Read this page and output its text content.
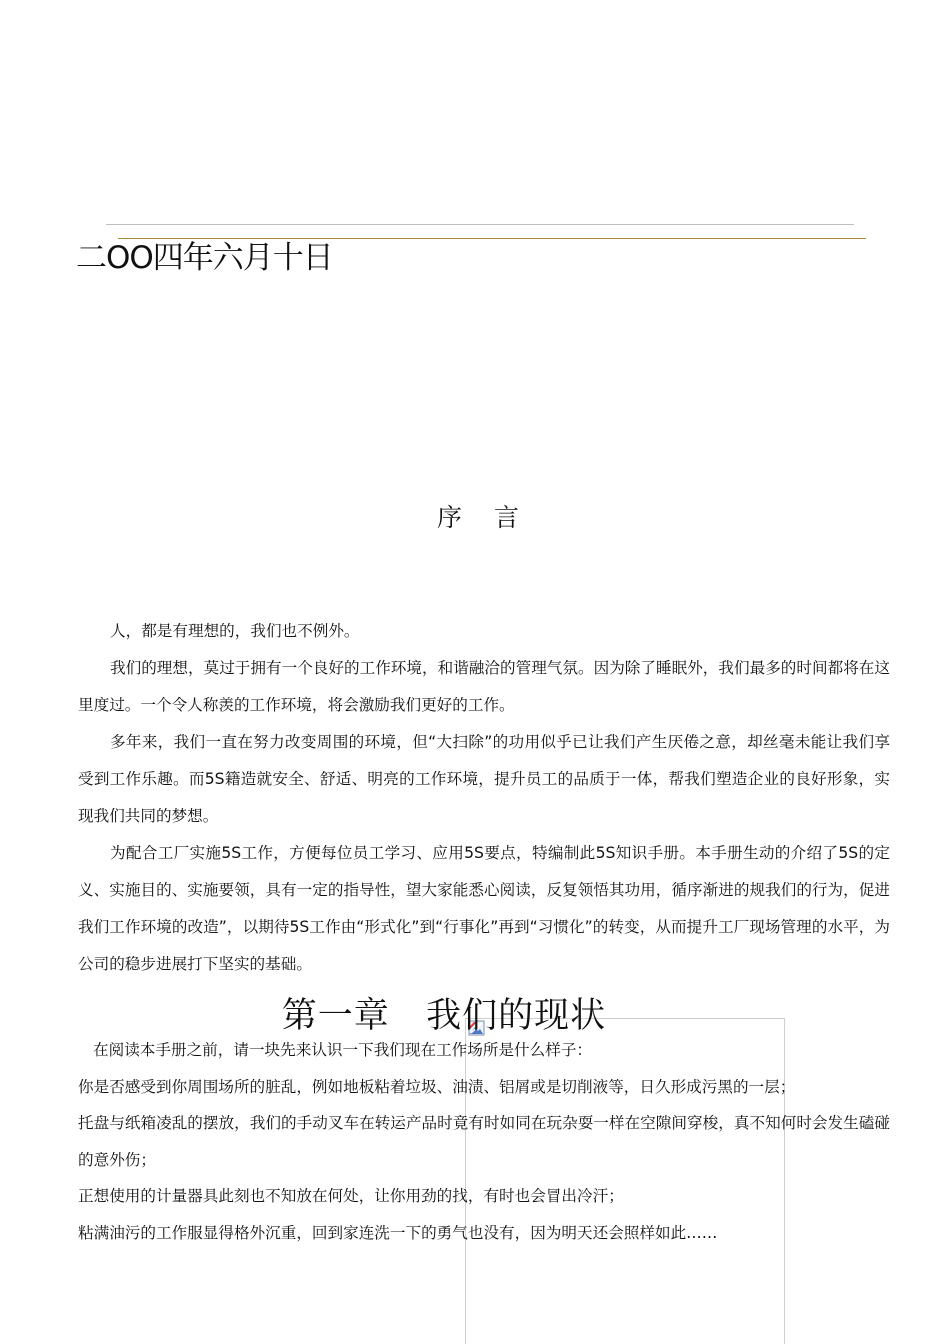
二OO四年六月十日
序 言

人，都是有理想的，我们也不例外。

我们的理想，莫过于拥有一个良好的工作环境，和谐融洽的管理气氛。因为除了睡眠外，我们最多的时间都将在这里度过。一个令人称羡的工作环境，将会激励我们更好的工作。

多年来，我们一直在努力改变周围的环境，但“大扫除”的功用似乎已让我们产生厌倦之意，却丝毫未能让我们享受到工作乐趣。而5S籍造就安全、舒适、明亮的工作环境，提升员工的品质于一体，帮我们塑造企业的良好形象，实现我们共同的梦想。

为配合工厂实施5S工作，方便每位员工学习、应用5S要点，特编制此5S知识手册。本手册生动的介绍了5S的定义、实施目的、实施要领，具有一定的指导性，望大家能悉心阅读，反复领悟其功用，循序渐进的规我们的行为，促进我们工作环境的改造”，以期待5S工作由“形式化”到“行事化”再到“习惯化”的转变，从而提升工厂现场管理的水平，为公司的稳步进展打下坚实的基础。

第一章   我们的现状

在阅读本手册之前，请一块先来认识一下我们现在工作场所是什么样子：

你是否感受到你周围场所的脏乱，例如地板粘着垃圾、油渍、铝屑或是切削液等，日久形成污黑的一层；

托盘与纸箱凌乱的摆放，我们的手动叉车在转运产品时竟有时如同在玩杂耍一样在空隙间穿梭，真不知何时会发生磕碰的意外伤；

正想使用的计量器具此刻也不知放在何处，让你用劲的找，有时也会冒出冷汗；

粘满油污的工作服显得格外沉重，回到家连洗一下的勇气也没有，因为明天还会照样如此……
